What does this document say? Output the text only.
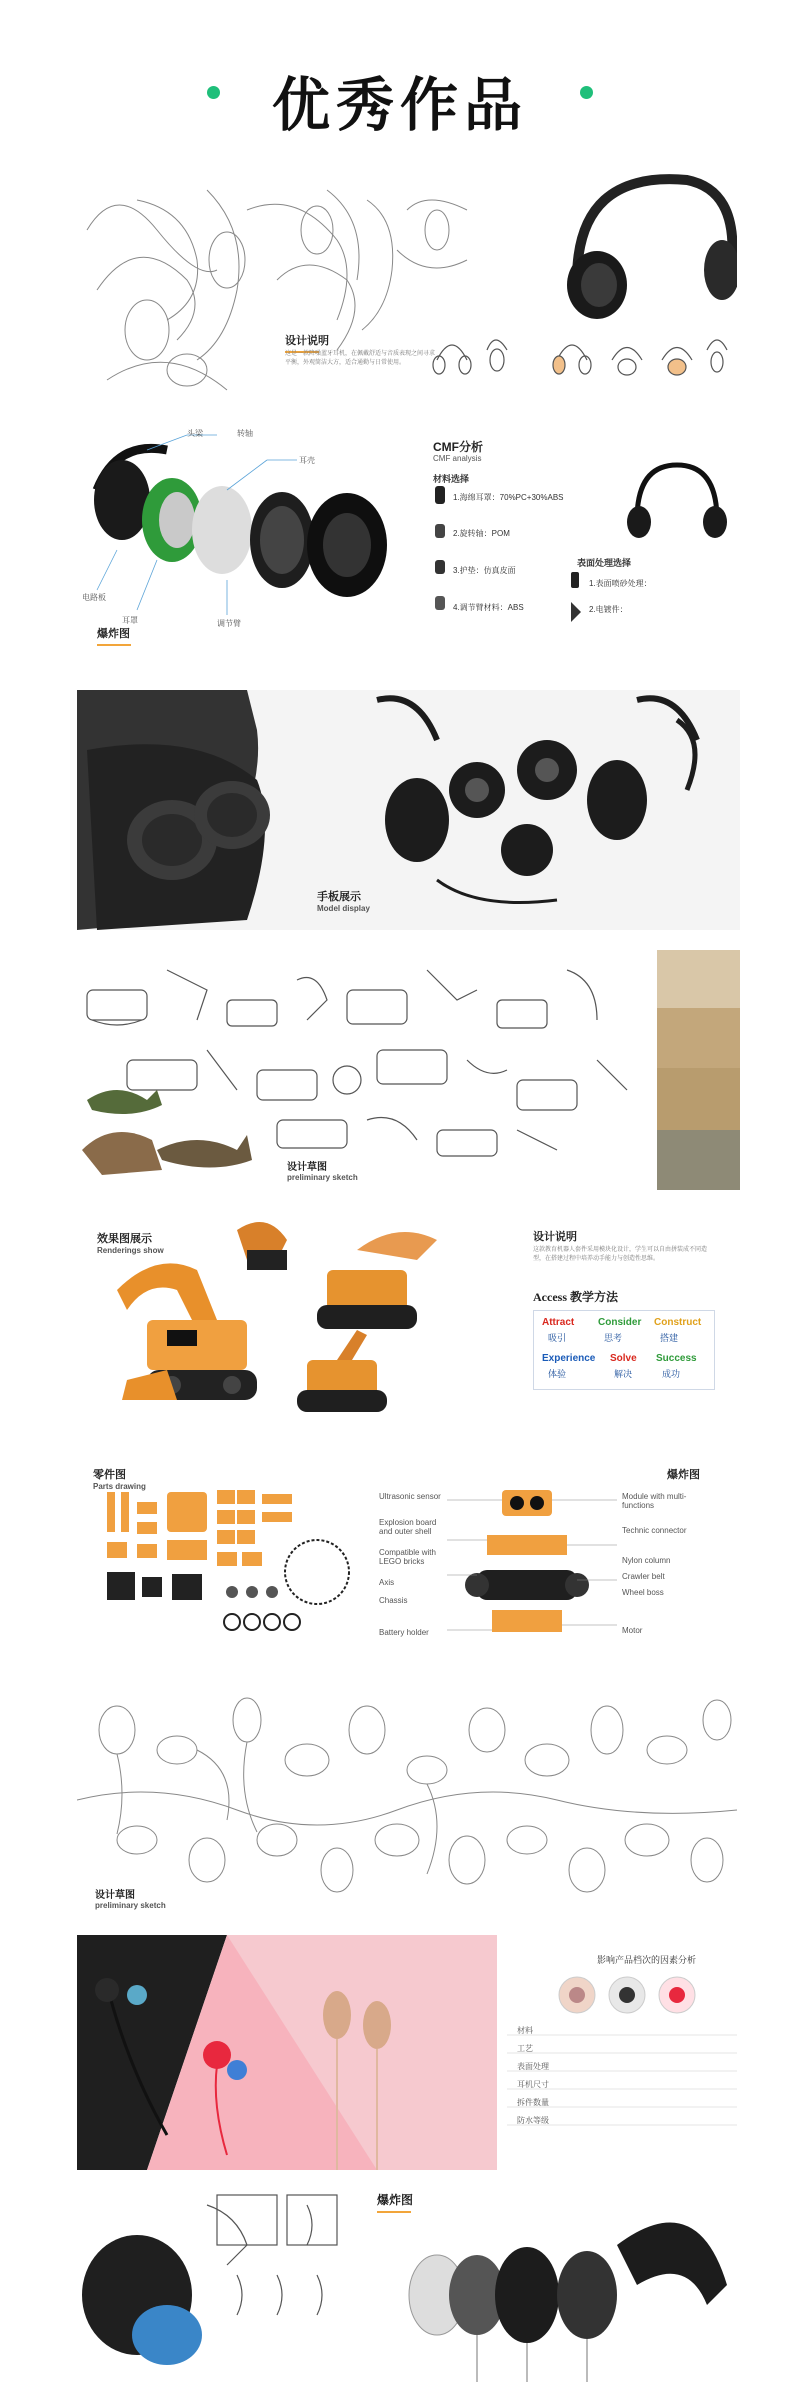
优秀作品
设计说明
这是一款降噪蓝牙耳机，在佩戴舒适与音质表现之间寻求平衡，外观简洁大方，适合通勤与日常使用。
头梁	转轴
耳壳
电路板
耳罩	调节臂
爆炸图
CMF分析
CMF analysis
材料选择
1.海绵耳罩：70%PC+30%ABS
2.旋转轴：POM
3.护垫：仿真皮面
4.调节臂材料：ABS
表面处理选择
1.表面喷砂处理：
2.电镀件：
手板展示
Model display
设计草图
preliminary sketch
效果图展示
Renderings show
设计说明
这款教育机器人套件采用模块化设计，学生可以自由拼装成不同造型，在搭建过程中培养动手能力与创造性思维。
Access 教学方法
Attract
吸引
Consider
思考
Construct
搭建
Experience
体验
Solve
解决
Success
成功
零件图
Parts drawing
爆炸图
Ultrasonic sensor
Explosion board and outer shell
Compatible with LEGO bricks
Axis
Chassis
Battery holder
Module with multi-functions
Technic connector
Nylon column
Crawler belt
Wheel boss
Motor
设计草图
preliminary sketch
影响产品档次的因素分析
材料
工艺
表面处理
耳机尺寸
拆件数量
防水等级
爆炸图
